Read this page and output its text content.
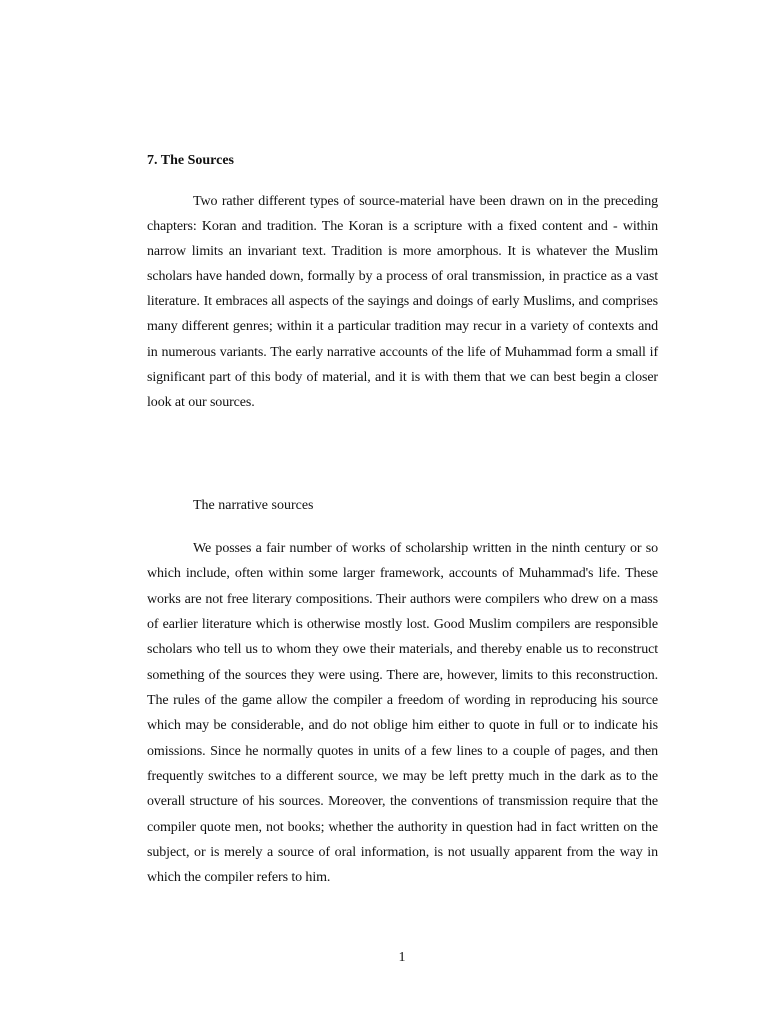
7. The Sources

Two rather different types of source-material have been drawn on in the preceding chapters: Koran and tradition. The Koran is a scripture with a fixed content and - within narrow limits an invariant text. Tradition is more amorphous. It is whatever the Muslim scholars have handed down, formally by a process of oral transmission, in practice as a vast literature. It embraces all aspects of the sayings and doings of early Muslims, and comprises many different genres; within it a particular tradition may recur in a variety of contexts and in numerous variants. The early narrative accounts of the life of Muhammad form a small if significant part of this body of material, and it is with them that we can best begin a closer look at our sources.

The narrative sources

We posses a fair number of works of scholarship written in the ninth century or so which include, often within some larger framework, accounts of Muhammad's life. These works are not free literary compositions. Their authors were compilers who drew on a mass of earlier literature which is otherwise mostly lost. Good Muslim compilers are responsible scholars who tell us to whom they owe their materials, and thereby enable us to reconstruct something of the sources they were using. There are, however, limits to this reconstruction. The rules of the game allow the compiler a freedom of wording in reproducing his source which may be considerable, and do not oblige him either to quote in full or to indicate his omissions. Since he normally quotes in units of a few lines to a couple of pages, and then frequently switches to a different source, we may be left pretty much in the dark as to the overall structure of his sources. Moreover, the conventions of transmission require that the compiler quote men, not books; whether the authority in question had in fact written on the subject, or is merely a source of oral information, is not usually apparent from the way in which the compiler refers to him.

1
